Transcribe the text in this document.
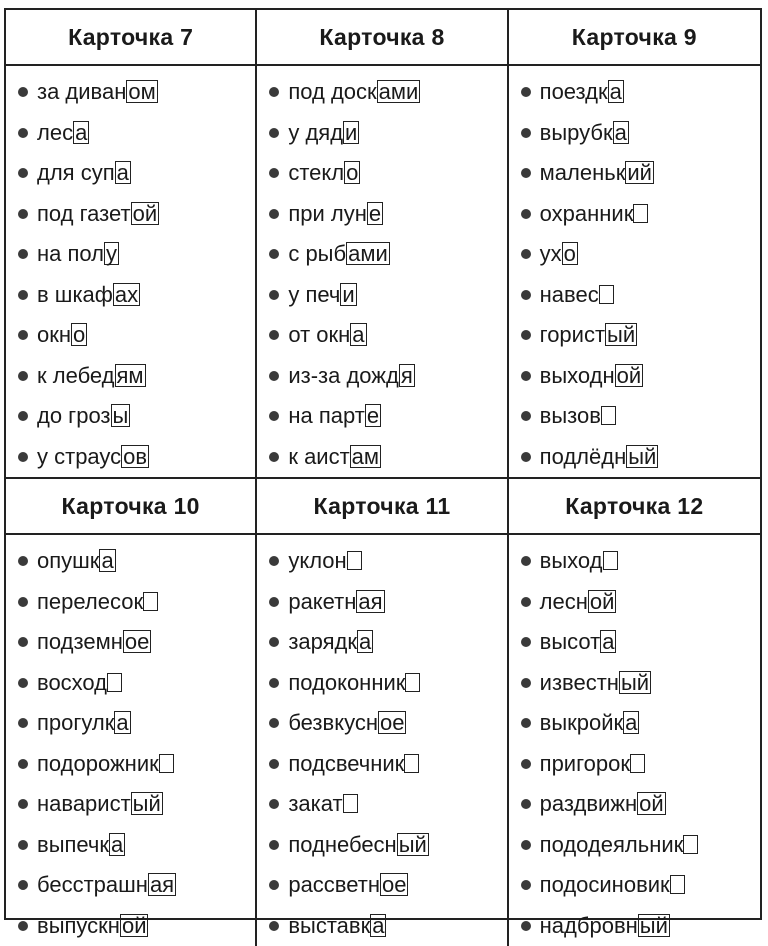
Карточка 7
за диваном
леса
для супа
под газетой
на полу
в шкафах
окно
к лебедям
до грозы
у страусов
Карточка 8
под досками
у дяди
стекло
при луне
с рыбами
у печи
от окна
из-за дождя
на парте
к аистам
Карточка 9
поездка
вырубка
маленький
охранник
ухо
навес
гористый
выходной
вызов
подлёдный
Карточка 10
опушка
перелесок
подземное
восход
прогулка
подорожник
наваристый
выпечка
бесстрашная
выпускной
Карточка 11
уклон
ракетная
зарядка
подоконник
безвкусное
подсвечник
закат
поднебесный
рассветное
выставка
Карточка 12
выход
лесной
высота
известный
выкройка
пригорок
раздвижной
пододеяльник
подосиновик
надбровный
